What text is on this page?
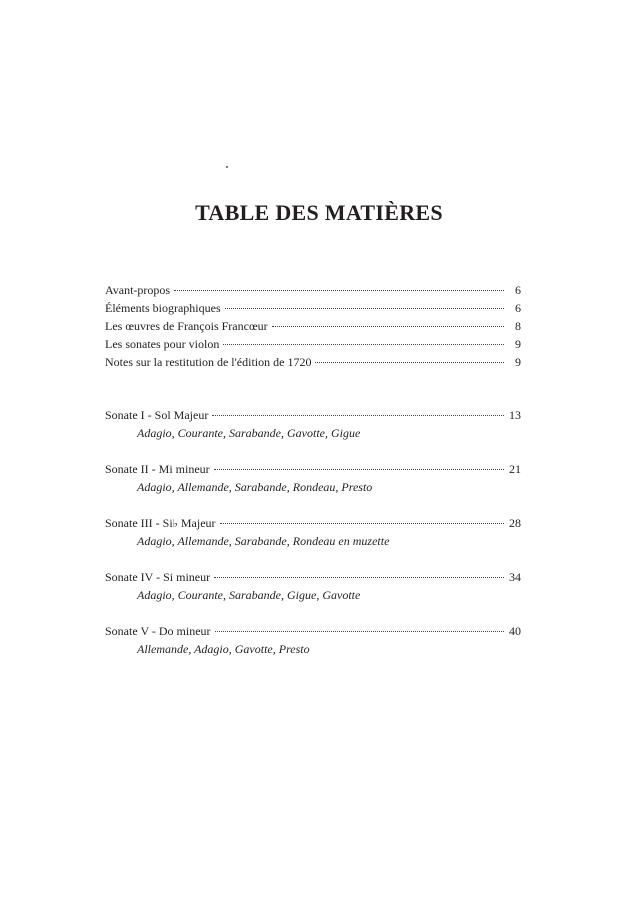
TABLE DES MATIÈRES
Avant-propos	6
Éléments biographiques	6
Les œuvres de François Francœur	8
Les sonates pour violon	9
Notes sur la restitution de l'édition de 1720	9
Sonate I - Sol Majeur	13
Adagio, Courante, Sarabande, Gavotte, Gigue
Sonate II - Mi mineur	21
Adagio, Allemande, Sarabande, Rondeau, Presto
Sonate III - Si♭ Majeur	28
Adagio, Allemande, Sarabande, Rondeau en muzette
Sonate IV - Si mineur	34
Adagio, Courante, Sarabande, Gigue, Gavotte
Sonate V - Do mineur	40
Allemande, Adagio, Gavotte, Presto
